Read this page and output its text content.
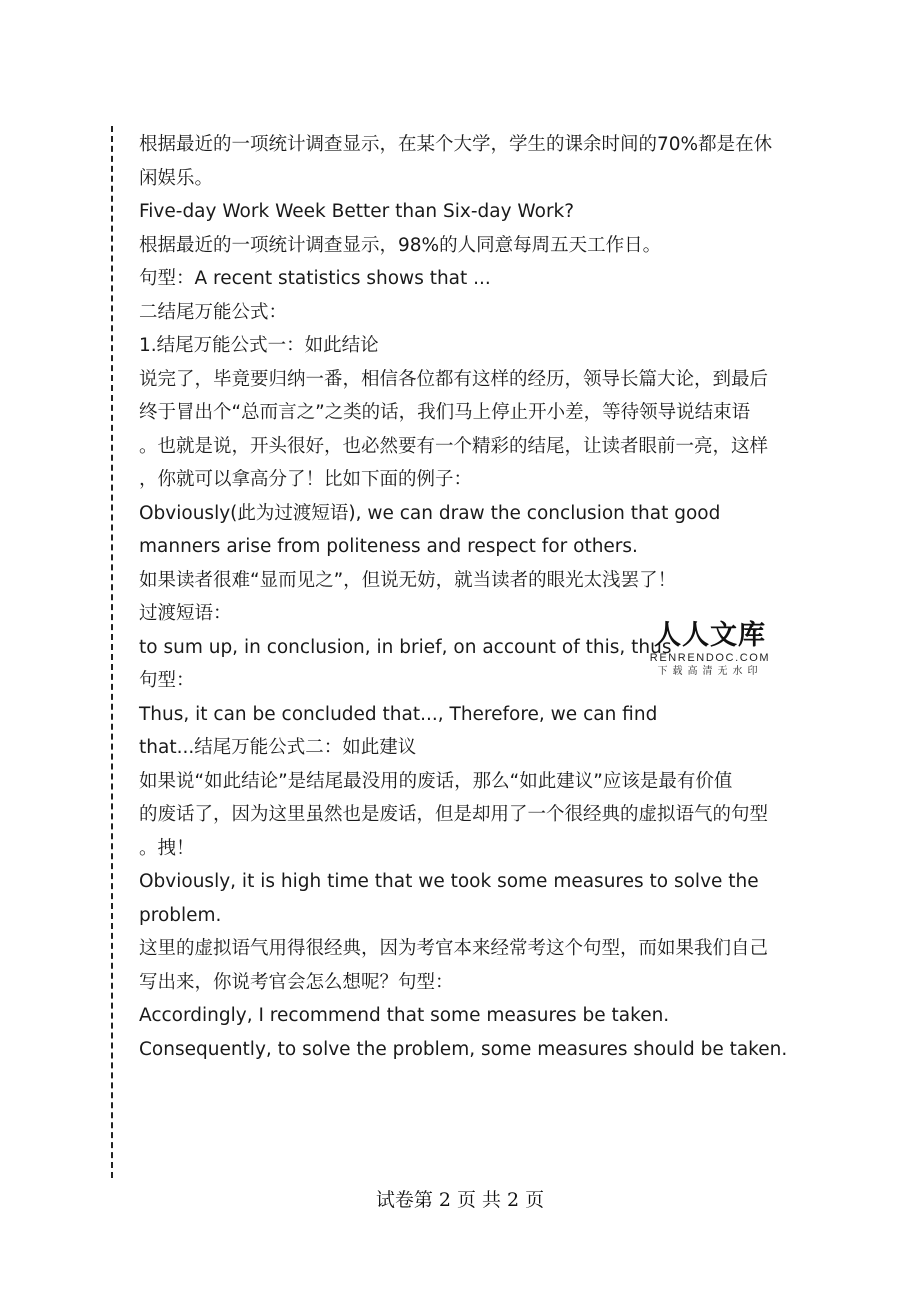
根据最近的一项统计调查显示，在某个大学，学生的课余时间的70%都是在休
闲娱乐。
Five-day Work Week Better than Six-day Work?
根据最近的一项统计调查显示，98%的人同意每周五天工作日。
句型：A recent statistics shows that ...
二结尾万能公式：
1.结尾万能公式一：如此结论
说完了，毕竟要归纳一番，相信各位都有这样的经历，领导长篇大论，到最后
终于冒出个“总而言之”之类的话，我们马上停止开小差，等待领导说结束语
。也就是说，开头很好，也必然要有一个精彩的结尾，让读者眼前一亮，这样
，你就可以拿高分了！比如下面的例子：
Obviously(此为过渡短语), we can draw the conclusion that good
manners arise from politeness and respect for others.
如果读者很难“显而见之”，但说无妨，就当读者的眼光太浅罢了！
过渡短语：
to sum up, in conclusion, in brief, on account of this, thus
句型：
Thus, it can be concluded that..., Therefore, we can find
that...结尾万能公式二：如此建议
如果说“如此结论”是结尾最没用的废话，那么“如此建议”应该是最有价值
的废话了，因为这里虽然也是废话，但是却用了一个很经典的虚拟语气的句型
。拽！
Obviously, it is high time that we took some measures to solve the
problem.
这里的虚拟语气用得很经典，因为考官本来经常考这个句型，而如果我们自己
写出来，你说考官会怎么想呢？句型：
Accordingly, I recommend that some measures be taken.
Consequently, to solve the problem, some measures should be taken.
人人文库
RENRENDOC.COM
下载高清无水印
试卷第 2 页 共 2 页
